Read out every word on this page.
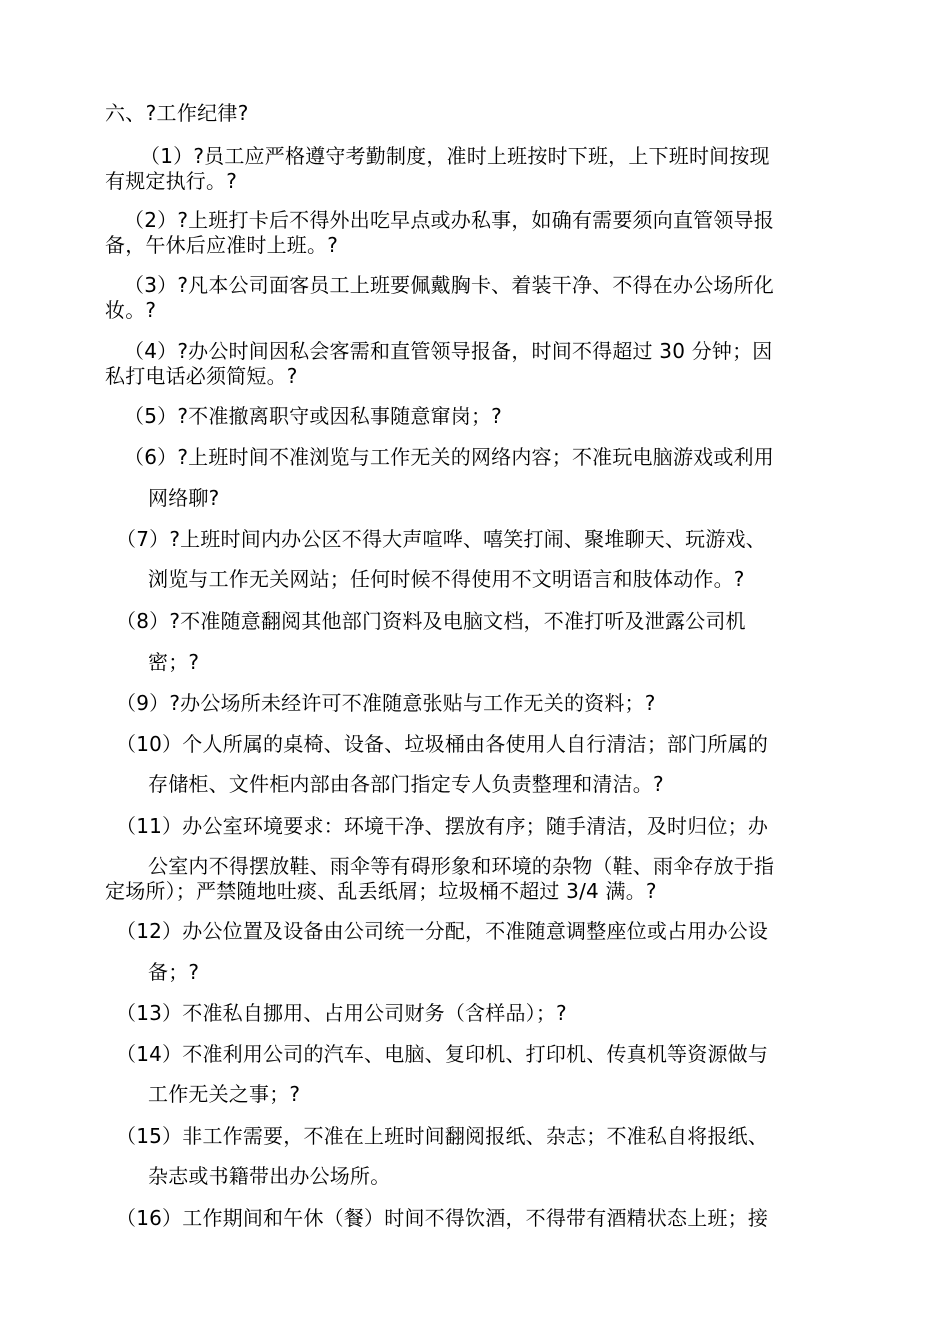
六、?工作纪律?
（1）?员工应严格遵守考勤制度，准时上班按时下班，上下班时间按现
有规定执行。?
（2）?上班打卡后不得外出吃早点或办私事，如确有需要须向直管领导报
备，午休后应准时上班。?
（3）?凡本公司面客员工上班要佩戴胸卡、着装干净、不得在办公场所化
妆。?
（4）?办公时间因私会客需和直管领导报备，时间不得超过 30 分钟；因
私打电话必须简短。?
（5）?不准撤离职守或因私事随意窜岗；?
（6）?上班时间不准浏览与工作无关的网络内容；不准玩电脑游戏或利用
网络聊?
（7）?上班时间内办公区不得大声喧哗、嘻笑打闹、聚堆聊天、玩游戏、
浏览与工作无关网站；任何时候不得使用不文明语言和肢体动作。?
（8）?不准随意翻阅其他部门资料及电脑文档，不准打听及泄露公司机
密；?
（9）?办公场所未经许可不准随意张贴与工作无关的资料；?
（10）个人所属的桌椅、设备、垃圾桶由各使用人自行清洁；部门所属的
存储柜、文件柜内部由各部门指定专人负责整理和清洁。?
（11）办公室环境要求：环境干净、摆放有序；随手清洁，及时归位；办
公室内不得摆放鞋、雨伞等有碍形象和环境的杂物（鞋、雨伞存放于指
定场所）；严禁随地吐痰、乱丢纸屑；垃圾桶不超过 3/4 满。?
（12）办公位置及设备由公司统一分配，不准随意调整座位或占用办公设
备；?
（13）不准私自挪用、占用公司财务（含样品）；?
（14）不准利用公司的汽车、电脑、复印机、打印机、传真机等资源做与
工作无关之事；?
（15）非工作需要，不准在上班时间翻阅报纸、杂志；不准私自将报纸、
杂志或书籍带出办公场所。
（16）工作期间和午休（餐）时间不得饮酒，不得带有酒精状态上班；接
